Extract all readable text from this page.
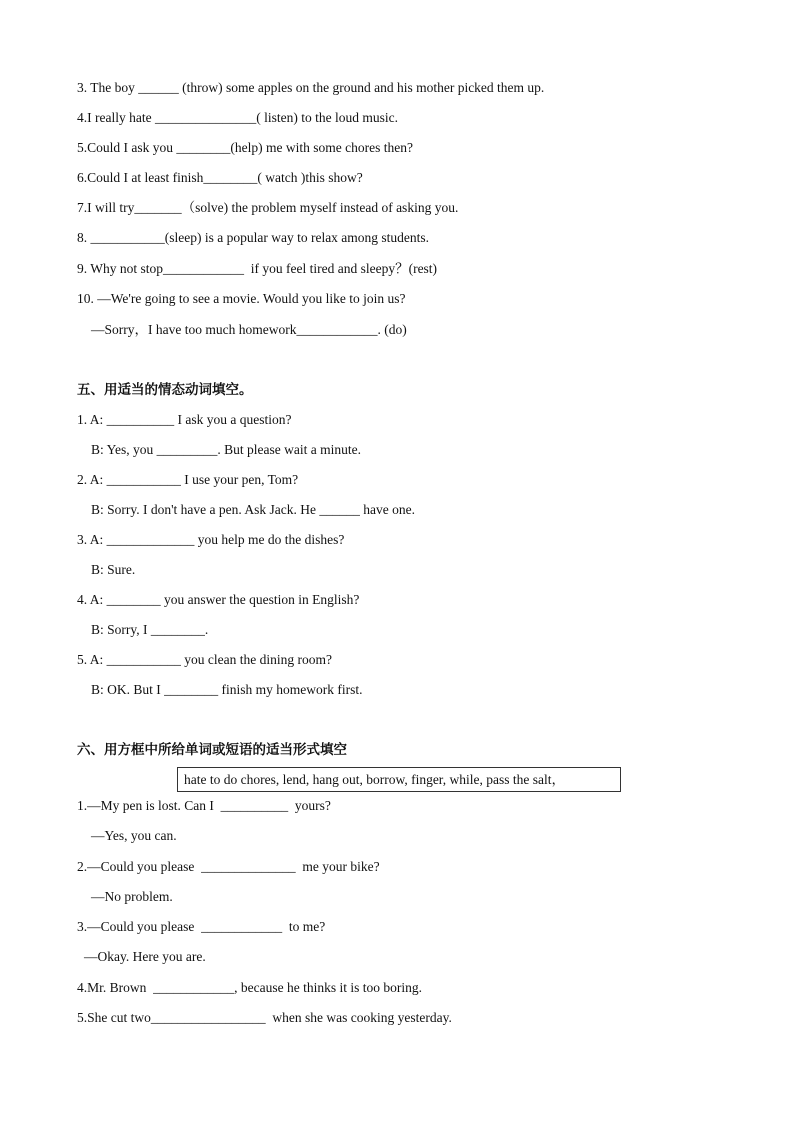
3. The boy ______ (throw) some apples on the ground and his mother picked them up.
4.I really hate _______________( listen) to the loud music.
5.Could I ask you ________(help) me with some chores then?
6.Could I at least finish________( watch )this show?
7.I will try_______（solve) the problem myself instead of asking you.
8. ___________(sleep) is a popular way to relax among students.
9. Why not stop____________  if you feel tired and sleepy？(rest)
10. —We're going to see a movie. Would you like to join us?
—Sorry，I have too much homework____________. (do)
五、用适当的情态动词填空。
1. A: __________ I ask you a question?
B: Yes, you _________. But please wait a minute.
2. A: ___________ I use your pen, Tom?
B: Sorry. I don't have a pen. Ask Jack. He ______ have one.
3. A: _____________ you help me do the dishes?
B: Sure.
4. A: ________ you answer the question in English?
B: Sorry, I ________.
5. A: ___________ you clean the dining room?
B: OK. But I ________ finish my homework first.
六、用方框中所给单词或短语的适当形式填空
hate to do chores, lend, hang out, borrow, finger, while, pass the salt，
1.—My pen is lost. Can I  __________  yours?
—Yes, you can.
2.—Could you please  ______________  me your bike?
—No problem.
3.—Could you please  ____________  to me?
—Okay. Here you are.
4.Mr. Brown  ____________, because he thinks it is too boring.
5.She cut two_________________  when she was cooking yesterday.
